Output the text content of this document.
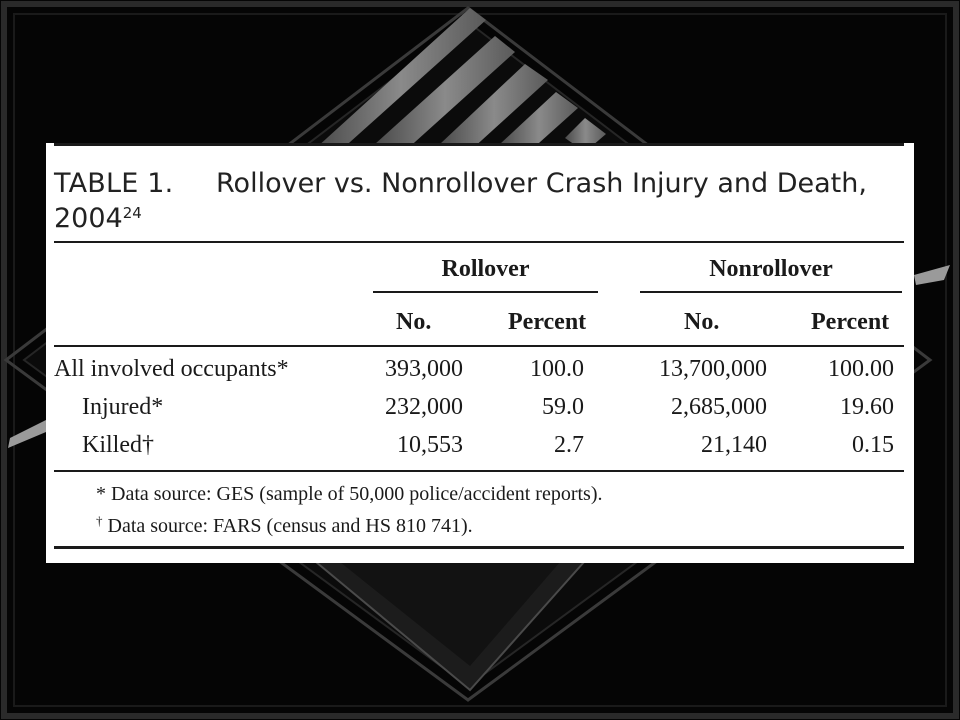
TABLE 1. Rollover vs. Nonrollover Crash Injury and Death,
2004$^{24}$
Rollover	Nonrollover
No.	Percent	No.	Percent
All involved occupants*	393,000	100.0	13,700,000	100.00
Injured*	232,000	59.0	2,685,000	19.60
Killed†	10,553	2.7	21,140	0.15
* Data source: GES (sample of 50,000 police/accident reports).
† Data source: FARS (census and HS 810 741).
